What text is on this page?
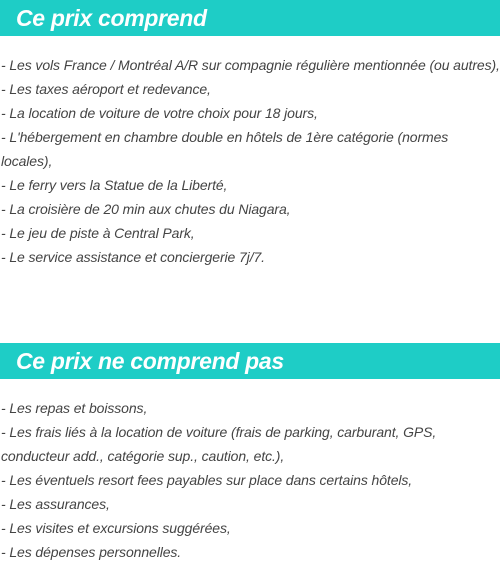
Ce prix comprend
- Les vols France / Montréal A/R sur compagnie régulière mentionnée (ou autres),
- Les taxes aéroport et redevance,
- La location de voiture de votre choix pour 18 jours,
- L'hébergement en chambre double en hôtels de 1ère catégorie (normes locales),
- Le ferry vers la Statue de la Liberté,
- La croisière de 20 min aux chutes du Niagara,
- Le jeu de piste à Central Park,
- Le service assistance et conciergerie 7j/7.
Ce prix ne comprend pas
- Les repas et boissons,
- Les frais liés à la location de voiture (frais de parking, carburant, GPS, conducteur add., catégorie sup., caution, etc.),
- Les éventuels resort fees payables sur place dans certains hôtels,
- Les assurances,
- Les visites et excursions suggérées,
- Les dépenses personnelles.
